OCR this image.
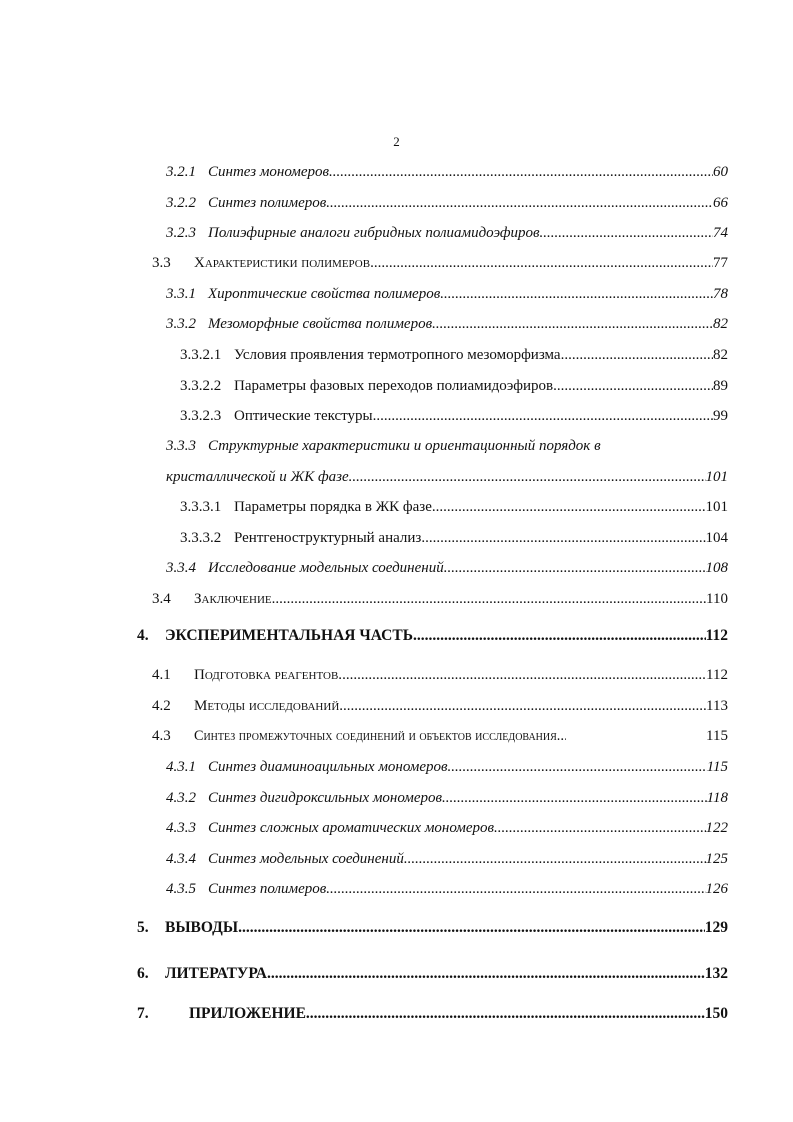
2
3.2.1 Синтез мономеров. .....	60
3.2.2 Синтез полимеров. .....	66
3.2.3 Полиэфирные аналоги гибридных полиамидоэфиров. .....	74
3.3	Характеристики полимеров. .....	77
3.3.1 Хироптические свойства полимеров. .....	78
3.3.2 Мезоморфные свойства полимеров. .....	82
3.3.2.1 Условия проявления термотропного мезоморфизма .....	82
3.3.2.2 Параметры фазовых переходов полиамидоэфиров. .....	89
3.3.2.3 Оптические текстуры. .....	99
3.3.3 Структурные характеристики и ориентационный порядок в
кристаллической и ЖК фазе. .....	101
3.3.3.1 Параметры порядка в ЖК фазе. .....	101
3.3.3.2 Рентгеноструктурный анализ. .....	104
3.3.4 Исследование модельных соединений. .....	108
3.4	Заключение .....	110
4.	ЭКСПЕРИМЕНТАЛЬНАЯ ЧАСТЬ. .....	112
4.1	Подготовка реагентов. .....	112
4.2	Методы исследований. .....	113
4.3	Синтез промежуточных соединений и объектов исследования. .....	115
4.3.1 Синтез диаминоацильных мономеров. .....	115
4.3.2 Синтез дигидроксильных мономеров. .....	118
4.3.3 Синтез сложных ароматических мономеров. .....	122
4.3.4 Синтез модельных соединений. .....	125
4.3.5 Синтез полимеров. .....	126
5.	ВЫВОДЫ .....	129
6.	ЛИТЕРАТУРА .....	132
7.	ПРИЛОЖЕНИЕ .....	150
